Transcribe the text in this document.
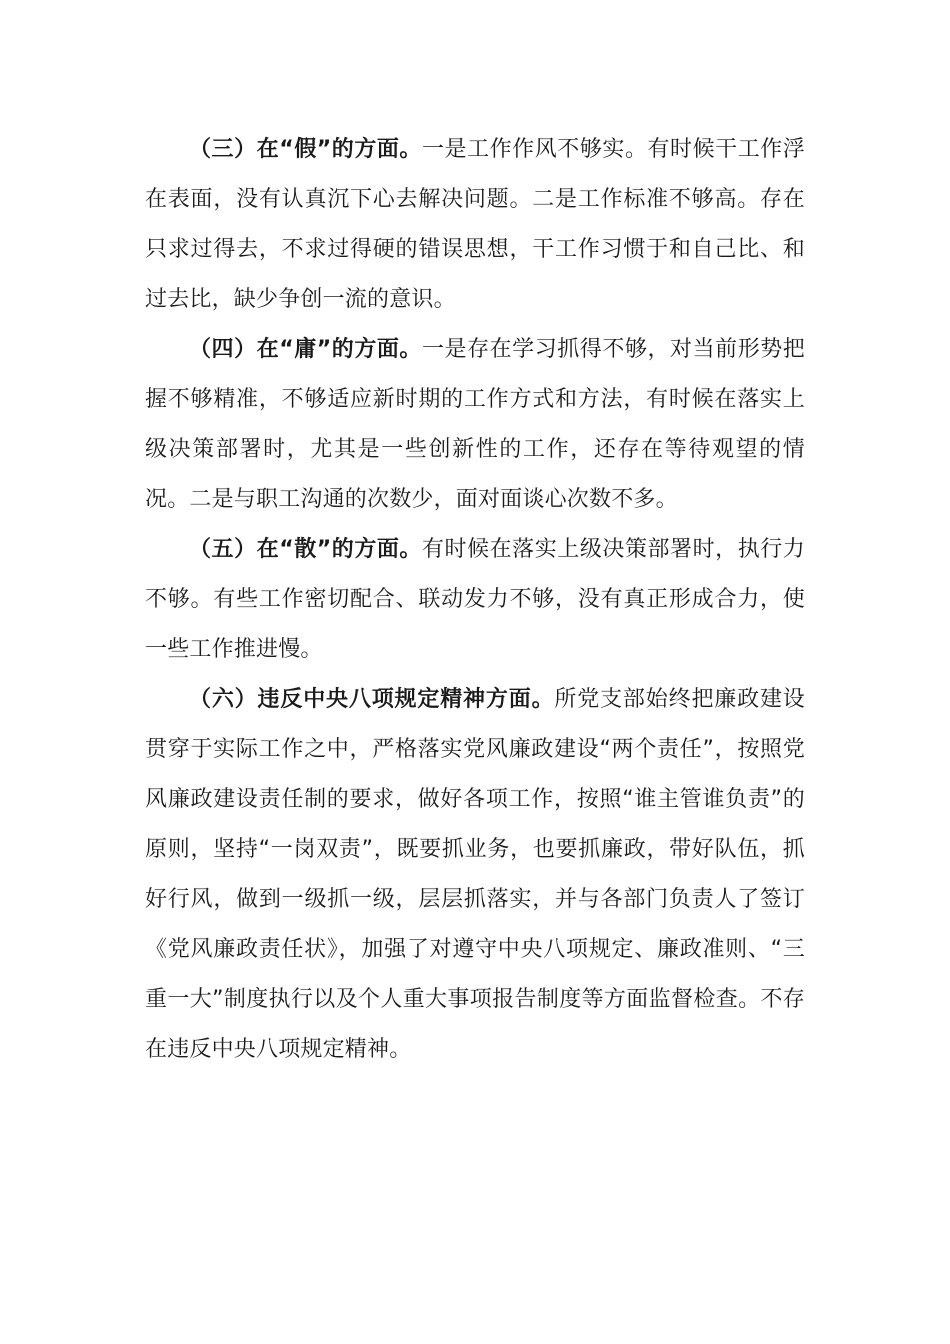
（三）在“假”的方面。一是工作作风不够实。有时候干工作浮在表面，没有认真沉下心去解决问题。二是工作标准不够高。存在只求过得去，不求过得硬的错误思想，干工作习惯于和自己比、和过去比，缺少争创一流的意识。

（四）在“庸”的方面。一是存在学习抓得不够，对当前形势把握不够精准，不够适应新时期的工作方式和方法，有时候在落实上级决策部署时，尤其是一些创新性的工作，还存在等待观望的情况。二是与职工沟通的次数少，面对面谈心次数不多。

（五）在“散”的方面。有时候在落实上级决策部署时，执行力不够。有些工作密切配合、联动发力不够，没有真正形成合力，使一些工作推进慢。

（六）违反中央八项规定精神方面。所党支部始终把廉政建设贯穿于实际工作之中，严格落实党风廉政建设“两个责任”，按照党风廉政建设责任制的要求，做好各项工作，按照“谁主管谁负责”的原则，坚持“一岗双责”，既要抓业务，也要抓廉政，带好队伍，抓好行风，做到一级抓一级，层层抓落实，并与各部门负责人了签订《党风廉政责任状》，加强了对遵守中央八项规定、廉政准则、“三重一大”制度执行以及个人重大事项报告制度等方面监督检查。不存在违反中央八项规定精神。
